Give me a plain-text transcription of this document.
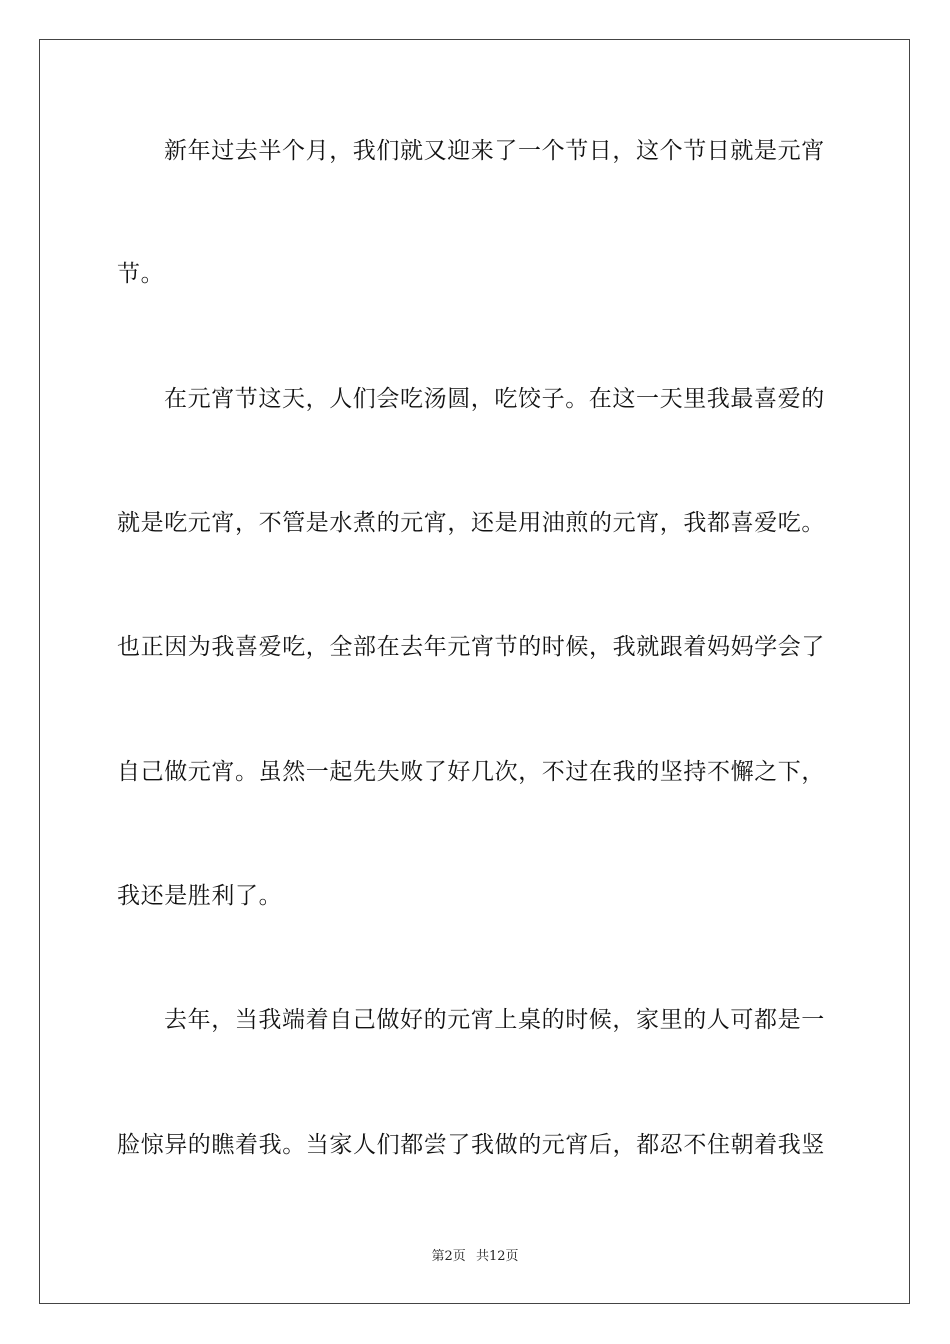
新年过去半个月，我们就又迎来了一个节日，这个节日就是元宵
节。
在元宵节这天，人们会吃汤圆，吃饺子。在这一天里我最喜爱的
就是吃元宵，不管是水煮的元宵，还是用油煎的元宵，我都喜爱吃。
也正因为我喜爱吃，全部在去年元宵节的时候，我就跟着妈妈学会了
自己做元宵。虽然一起先失败了好几次，不过在我的坚持不懈之下，
我还是胜利了。
去年，当我端着自己做好的元宵上桌的时候，家里的人可都是一
脸惊异的瞧着我。当家人们都尝了我做的元宵后，都忍不住朝着我竖
第2页 共12页
